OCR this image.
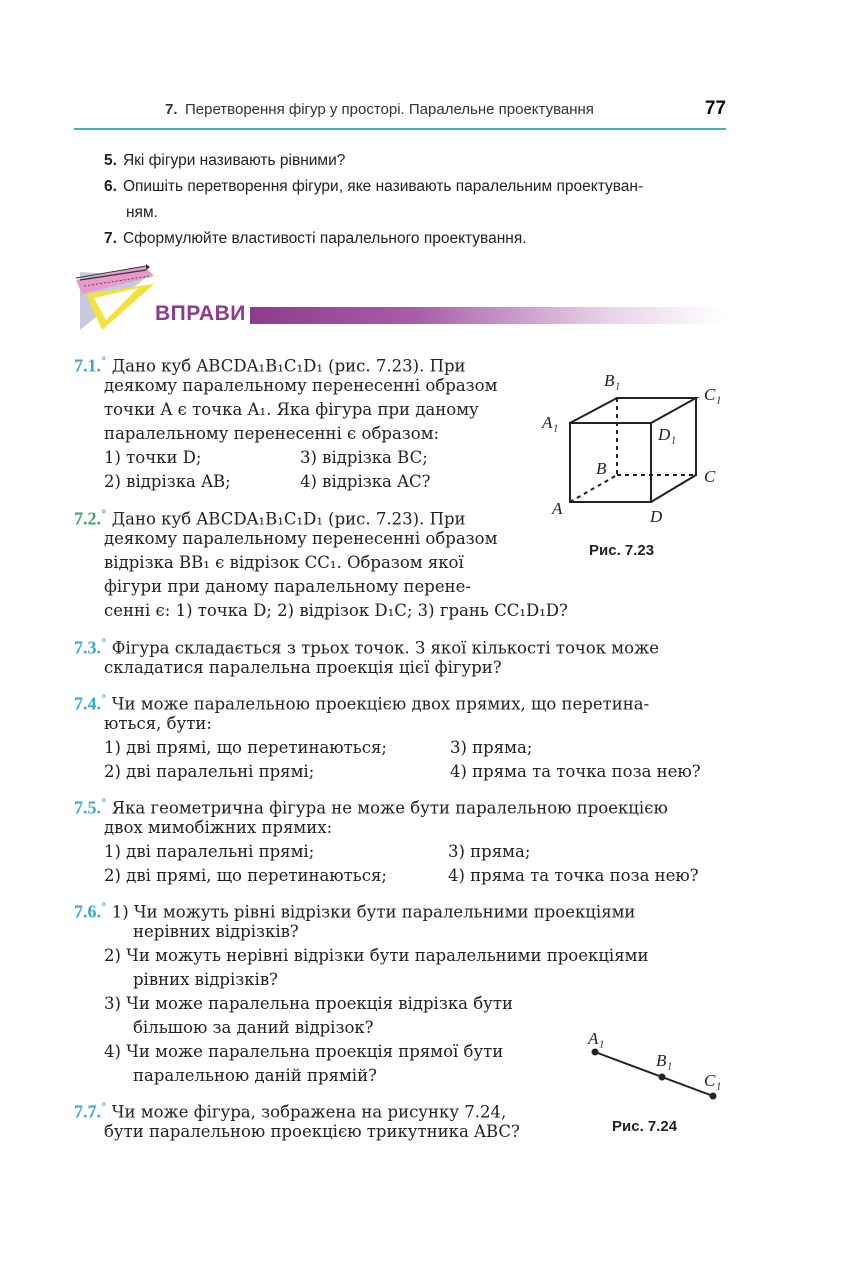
7. Перетворення фігур у просторі. Паралельне проектування	77
5. Які фігури називають рівними?
6. Опишіть перетворення фігури, яке називають паралельним проектуван-
ням.
7. Сформулюйте властивості паралельного проектування.
ВПРАВИ
7.1.° Дано куб ABCDA₁B₁C₁D₁ (рис. 7.23). При
деякому паралельному перенесенні образом
точки A є точка A₁. Яка фігура при даному
паралельному перенесенні є образом:
1) точки D;	3) відрізка BC;
2) відрізка AB;	4) відрізка AC?
7.2.° Дано куб ABCDA₁B₁C₁D₁ (рис. 7.23). При
деякому паралельному перенесенні образом
відрізка BB₁ є відрізок CC₁. Образом якої
фігури при даному паралельному перене-
сенні є: 1) точка D; 2) відрізок D₁C; 3) грань CC₁D₁D?
B₁
C₁
A₁
D₁
B	C
A	D
Рис. 7.23
7.3.° Фігура складається з трьох точок. З якої кількості точок може
складатися паралельна проекція цієї фігури?
7.4.° Чи може паралельною проекцією двох прямих, що перетина-
ються, бути:
1) дві прямі, що перетинаються;	3) пряма;
2) дві паралельні прямі;	4) пряма та точка поза нею?
7.5.° Яка геометрична фігура не може бути паралельною проекцією
двох мимобіжних прямих:
1) дві паралельні прямі;	3) пряма;
2) дві прямі, що перетинаються;	4) пряма та точка поза нею?
7.6.° 1) Чи можуть рівні відрізки бути паралельними проекціями
нерівних відрізків?
2) Чи можуть нерівні відрізки бути паралельними проекціями
рівних відрізків?
3) Чи може паралельна проекція відрізка бути
більшою за даний відрізок?
4) Чи може паралельна проекція прямої бути
паралельною даній прямій?
7.7.° Чи може фігура, зображена на рисунку 7.24,
бути паралельною проекцією трикутника ABC?
A₁
B₁
C₁
Рис. 7.24
